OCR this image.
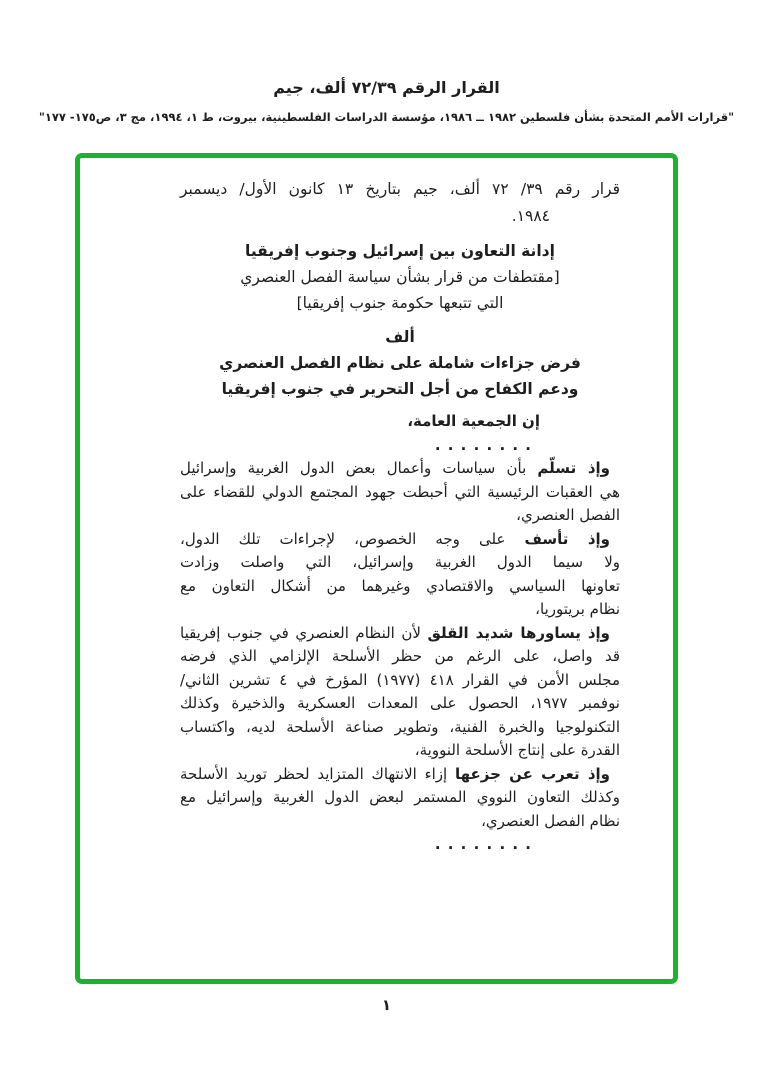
القرار الرقم ٧٢/٣٩ ألف، جيم
"قرارات الأمم المتحدة بشأن فلسطين ١٩٨٢ ــ ١٩٨٦، مؤسسة الدراسات الفلسطينية، بيروت، ط ١، ١٩٩٤، مج ٣، ص١٧٥- ١٧٧"
قرار رقم ٣٩/ ٧٢ ألف، جيم بتاريخ ١٣ كانون الأول/ ديسمبر
١٩٨٤.
إدانة التعاون بين إسرائيل وجنوب إفريقيا
[مقتطفات من قرار بشأن سياسة الفصل العنصري
التي تتبعها حكومة جنوب إفريقيا]
ألف
فرض جزاءات شاملة على نظام الفصل العنصري
ودعم الكفاح من أجل التحرير في جنوب إفريقيا
إن الجمعية العامة،
. . . . . . . .
وإذ تسلّم بأن سياسات وأعمال بعض الدول الغربية وإسرائيل
هي العقبات الرئيسية التي أحبطت جهود المجتمع الدولي للقضاء على
الفصل العنصري،
وإذ تأسف على وجه الخصوص، لإجراءات تلك الدول،
ولا سيما الدول الغربية وإسرائيل، التي واصلت وزادت
تعاونها السياسي والاقتصادي وغيرهما من أشكال التعاون مع
نظام بريتوريا،
وإذ يساورها شديد القلق لأن النظام العنصري في جنوب إفريقيا
قد واصل، على الرغم من حظر الأسلحة الإلزامي الذي فرضه
مجلس الأمن في القرار ٤١٨ (١٩٧٧) المؤرخ في ٤ تشرين الثاني/
نوفمبر ١٩٧٧، الحصول على المعدات العسكرية والذخيرة وكذلك
التكنولوجيا والخبرة الفنية، وتطوير صناعة الأسلحة لديه، واكتساب
القدرة على إنتاج الأسلحة النووية،
وإذ تعرب عن جزعها إزاء الانتهاك المتزايد لحظر توريد الأسلحة
وكذلك التعاون النووي المستمر لبعض الدول الغربية وإسرائيل مع
نظام الفصل العنصري،
. . . . . . . .
١
